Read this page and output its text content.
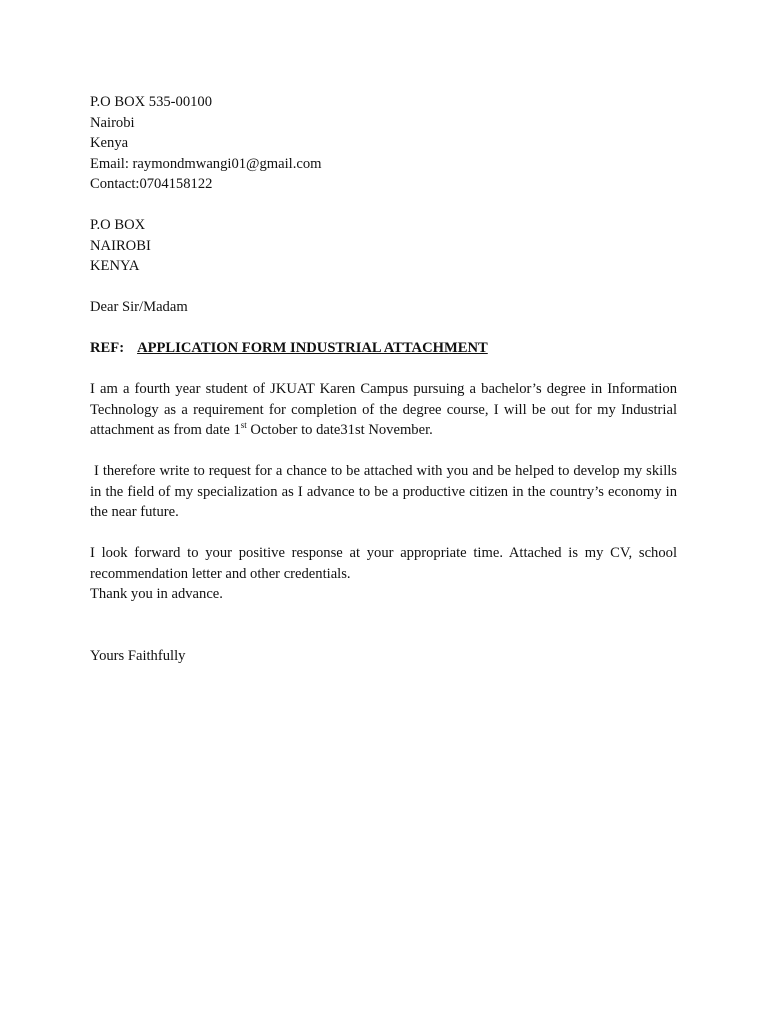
P.O BOX 535-00100
Nairobi
Kenya
Email: raymondmwangi01@gmail.com
Contact:0704158122
P.O BOX
NAIROBI
KENYA

Dear Sir/Madam

REF: APPLICATION FORM INDUSTRIAL ATTACHMENT

I am a fourth year student of JKUAT Karen Campus pursuing a bachelor’s degree in Information Technology as a requirement for completion of the degree course, I will be out for my Industrial attachment as from date 1st October to date31st November.

I therefore write to request for a chance to be attached with you and be helped to develop my skills in the field of my specialization as I advance to be a productive citizen in the country’s economy in the near future.

I look forward to your positive response at your appropriate time. Attached is my CV, school recommendation letter and other credentials.

Thank you in advance.

Yours Faithfully
